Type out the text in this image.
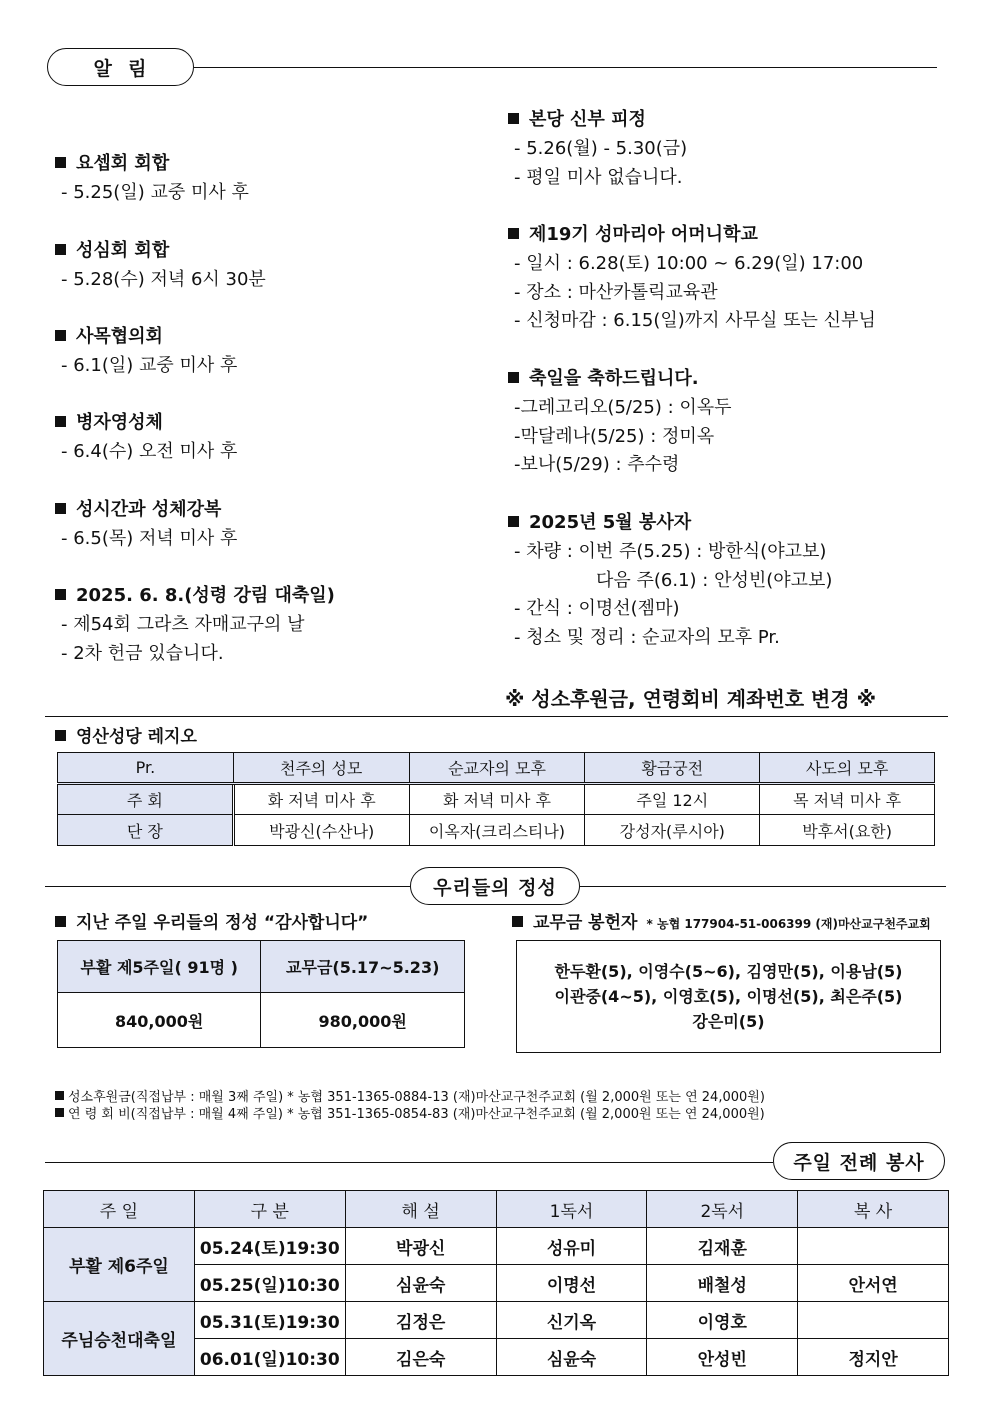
알  림
요셉회 회합
- 5.25(일) 교중 미사 후
성심회 회합
- 5.28(수) 저녁 6시 30분
사목협의회
- 6.1(일) 교중 미사 후
병자영성체
- 6.4(수) 오전 미사 후
성시간과 성체강복
- 6.5(목) 저녁 미사 후
2025. 6. 8.(성령 강림 대축일)
- 제54회 그라츠 자매교구의 날
- 2차 헌금 있습니다.
본당 신부 피정
- 5.26(월) - 5.30(금)
- 평일 미사 없습니다.
제19기 성마리아 어머니학교
- 일시 : 6.28(토) 10:00 ~ 6.29(일) 17:00
- 장소 : 마산카톨릭교육관
- 신청마감 : 6.15(일)까지 사무실 또는 신부님
축일을 축하드립니다.
-그레고리오(5/25) : 이옥두
-막달레나(5/25) : 정미옥
-보나(5/29) : 추수령
2025년 5월 봉사자
- 차량 : 이번 주(5.25) : 방한식(야고보)
다음 주(6.1) : 안성빈(야고보)
- 간식 : 이명선(젬마)
- 청소 및 정리 : 순교자의 모후 Pr.
※ 성소후원금, 연령회비 계좌번호 변경 ※
영산성당 레지오
Pr.	천주의 성모	순교자의 모후	황금궁전	사도의 모후
주 회	화 저녁 미사 후	화 저녁 미사 후	주일 12시	목 저녁 미사 후
단 장	박광신(수산나)	이옥자(크리스티나)	강성자(루시아)	박후서(요한)
우리들의 정성
지난 주일 우리들의 정성 “감사합니다”
부활 제5주일( 91명 )	교무금(5.17~5.23)
840,000원	980,000원
교무금 봉헌자 * 농협 177904-51-006399 (재)마산교구천주교회
한두환(5), 이영수(5~6), 김영만(5), 이용남(5)
이관중(4~5), 이영호(5), 이명선(5), 최은주(5)
강은미(5)
성소후원금(직접납부 : 매월 3째 주일) * 농협 351-1365-0884-13 (재)마산교구천주교회 (월 2,000원 또는 연 24,000원)
연 령 회 비(직접납부 : 매월 4째 주일) * 농협 351-1365-0854-83 (재)마산교구천주교회 (월 2,000원 또는 연 24,000원)
주일 전례 봉사
주 일	구 분	해 설	1독서	2독서	복 사
부활 제6주일	05.24(토)19:30	박광신	성유미	김재훈	
	05.25(일)10:30	심윤숙	이명선	배철성	안서연
주님승천대축일	05.31(토)19:30	김정은	신기옥	이영호	
	06.01(일)10:30	김은숙	심윤숙	안성빈	정지안
